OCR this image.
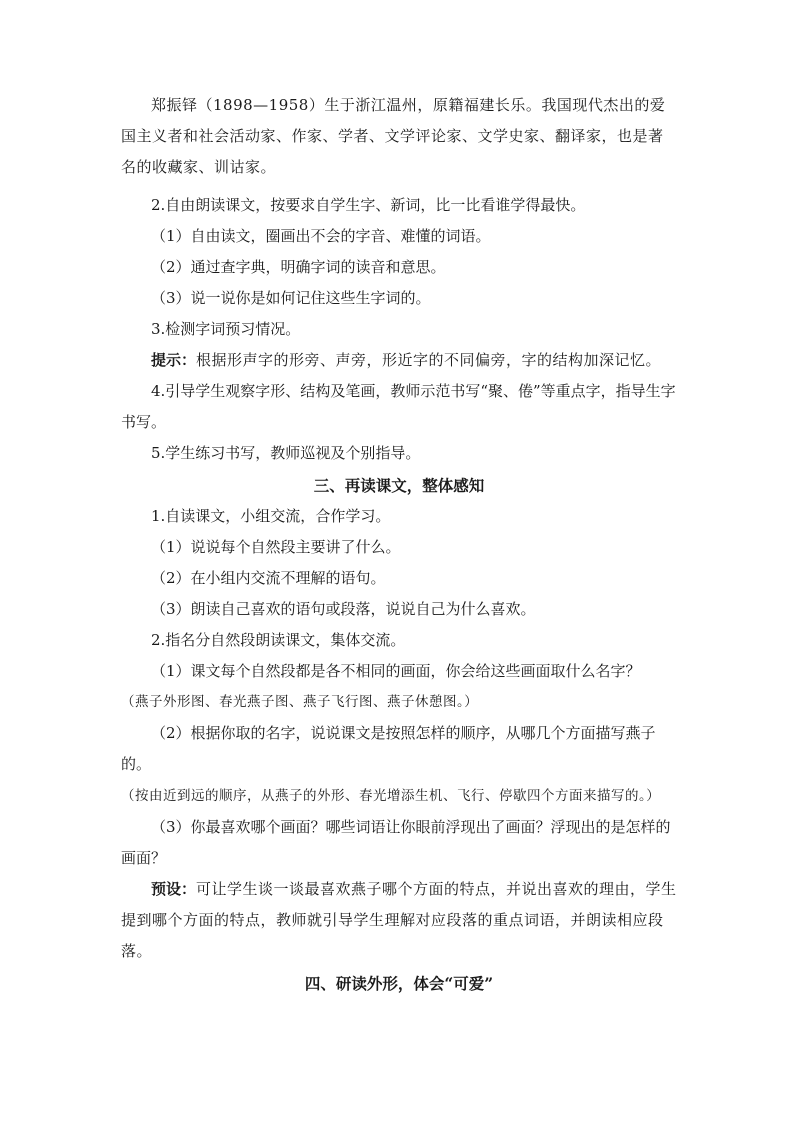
郑振铎（1898—1958）生于浙江温州，原籍福建长乐。我国现代杰出的爱国主义者和社会活动家、作家、学者、文学评论家、文学史家、翻译家，也是著名的收藏家、训诂家。

2.自由朗读课文，按要求自学生字、新词，比一比看谁学得最快。

（1）自由读文，圈画出不会的字音、难懂的词语。

（2）通过查字典，明确字词的读音和意思。

（3）说一说你是如何记住这些生字词的。

3.检测字词预习情况。

提示：根据形声字的形旁、声旁，形近字的不同偏旁，字的结构加深记忆。

4.引导学生观察字形、结构及笔画，教师示范书写“聚、倦”等重点字，指导生字书写。

5.学生练习书写，教师巡视及个别指导。

三、再读课文，整体感知

1.自读课文，小组交流，合作学习。

（1）说说每个自然段主要讲了什么。

（2）在小组内交流不理解的语句。

（3）朗读自己喜欢的语句或段落，说说自己为什么喜欢。

2.指名分自然段朗读课文，集体交流。

（1）课文每个自然段都是各不相同的画面，你会给这些画面取什么名字？

（燕子外形图、春光燕子图、燕子飞行图、燕子休憩图。）

（2）根据你取的名字，说说课文是按照怎样的顺序，从哪几个方面描写燕子的。（按由近到远的顺序，从燕子的外形、春光增添生机、飞行、停歇四个方面来描写的。）

（3）你最喜欢哪个画面？哪些词语让你眼前浮现出了画面？浮现出的是怎样的画面？

预设：可让学生谈一谈最喜欢燕子哪个方面的特点，并说出喜欢的理由，学生提到哪个方面的特点，教师就引导学生理解对应段落的重点词语，并朗读相应段落。

四、研读外形，体会“可爱”
